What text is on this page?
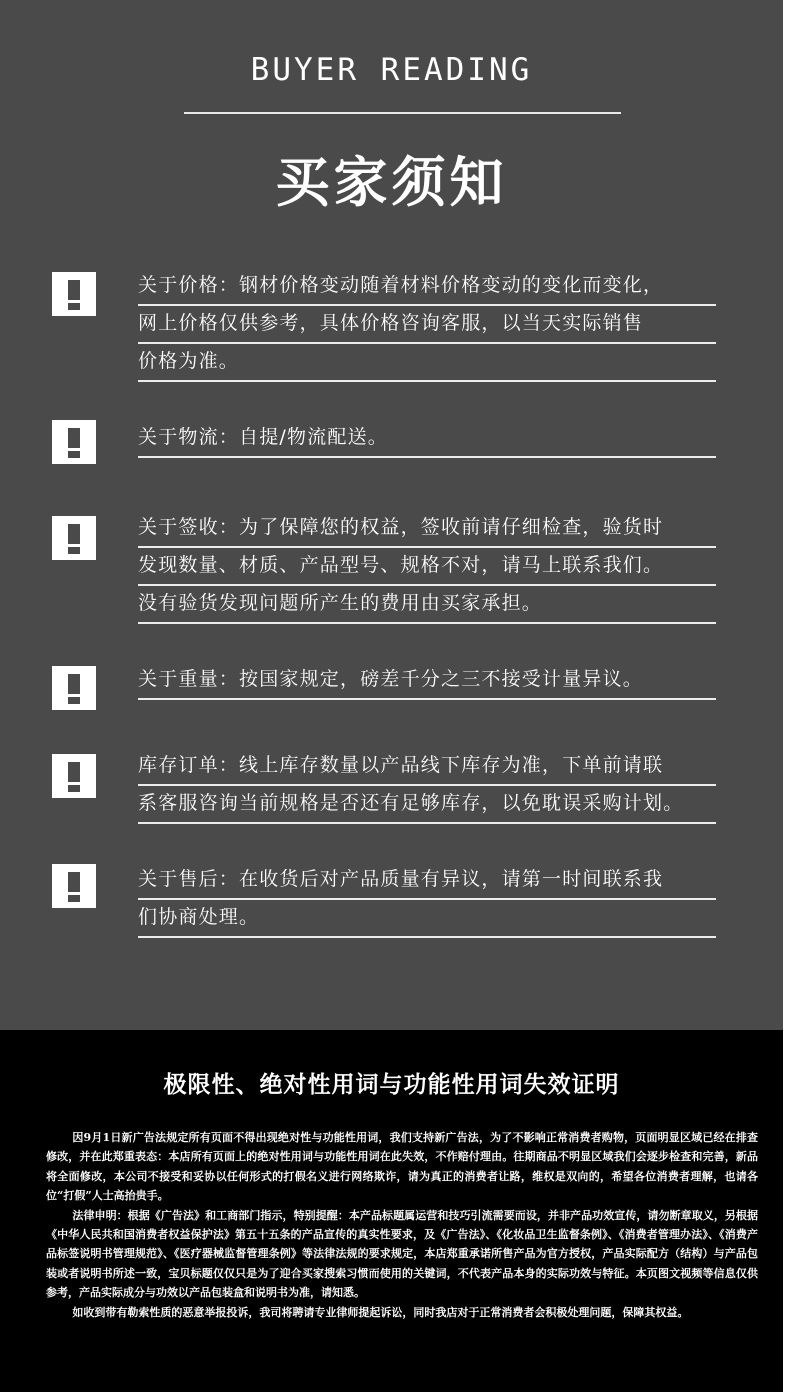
BUYER READING
买家须知
关于价格：钢材价格变动随着材料价格变动的变化而变化，
网上价格仅供参考，具体价格咨询客服，以当天实际销售
价格为准。
关于物流：自提/物流配送。
关于签收：为了保障您的权益，签收前请仔细检查，验货时
发现数量、材质、产品型号、规格不对，请马上联系我们。
没有验货发现问题所产生的费用由买家承担。
关于重量：按国家规定，磅差千分之三不接受计量异议。
库存订单：线上库存数量以产品线下库存为准，下单前请联
系客服咨询当前规格是否还有足够库存，以免耽误采购计划。
关于售后：在收货后对产品质量有异议，请第一时间联系我
们协商处理。
极限性、绝对性用词与功能性用词失效证明

因9月1日新广告法规定所有页面不得出现绝对性与功能性用词，我们支持新广告法，为了不影响正常消费者购物，页面明显区域已经在排查修改，并在此郑重表态：本店所有页面上的绝对性用词与功能性用词在此失效，不作赔付理由。往期商品不明显区域我们会逐步检查和完善，新品将全面修改，本公司不接受和妥协以任何形式的打假名义进行网络欺诈，请为真正的消费者让路，维权是双向的，希望各位消费者理解，也请各位“打假”人士高抬贵手。

法律申明：根据《广告法》和工商部门指示，特别提醒：本产品标题属运营和技巧引流需要而设，并非产品功效宣传，请勿断章取义，另根据《中华人民共和国消费者权益保护法》第五十五条的产品宣传的真实性要求，及《广告法》、《化妆品卫生监督条例》、《消费者管理办法》、《消费产品标签说明书管理规范》、《医疗器械监督管理条例》等法律法规的要求规定，本店郑重承诺所售产品为官方授权，产品实际配方（结构）与产品包装或者说明书所述一致，宝贝标题仅仅只是为了迎合买家搜索习惯而使用的关键词，不代表产品本身的实际功效与特征。本页图文视频等信息仅供参考，产品实际成分与功效以产品包装盒和说明书为准，请知悉。

如收到带有勒索性质的恶意举报投诉，我司将聘请专业律师提起诉讼，同时我店对于正常消费者会积极处理问题，保障其权益。
